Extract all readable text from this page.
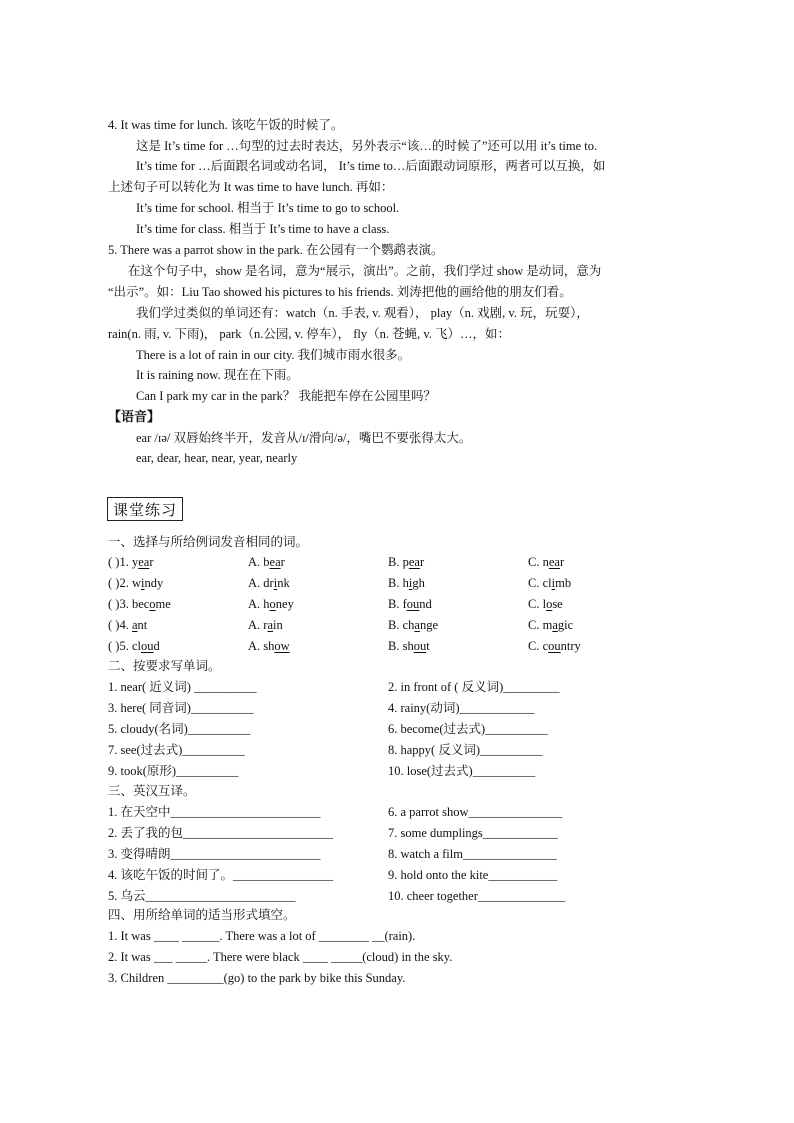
4. It was time for lunch. 该吃午饭的时候了。
这是 It’s time for …句型的过去时表达，另外表示“该…的时候了”还可以用 it’s time to.
It’s time for …后面跟名词或动名词， It’s time to…后面跟动词原形，两者可以互换，如
上述句子可以转化为 It was time to have lunch. 再如：
It’s time for school. 相当于 It’s time to go to school.
It’s time for class. 相当于 It’s time to have a class.
5. There was a parrot show in the park. 在公园有一个鹦鹉表演。
在这个句子中，show 是名词，意为“展示，演出”。之前，我们学过 show 是动词，意为
“出示”。如：Liu Tao showed his pictures to his friends. 刘涛把他的画给他的朋友们看。
我们学过类似的单词还有：watch（n. 手表, v. 观看）， play（n. 戏剧, v. 玩，玩耍），
rain(n. 雨, v. 下雨)， park（n.公园, v. 停车）， fly（n. 苍蝇, v. 飞）…，如：
There is a lot of rain in our city. 我们城市雨水很多。
It is raining now. 现在在下雨。
Can I park my car in the park？ 我能把车停在公园里吗？
【语音】
ear /ɪə/ 双唇始终半开，发音从/ɪ/滑向/ə/，嘴巴不要张得太大。
ear, dear, hear, near, year, nearly
课堂练习
一、选择与所给例词发音相同的词。
( )1. year	A. bear	B. pear	C. near
( )2. windy	A. drink	B. high	C. climb
( )3. become	A. honey	B. found	C. lose
( )4. ant	A. rain	B. change	C. magic
( )5. cloud	A. show	B. shout	C. country
二、按要求写单词。
1. near( 近义词) __________	2. in front of ( 反义词)_________
3. here( 同音词)__________	4. rainy(动词)____________
5. cloudy(名词)__________	6. become(过去式)__________
7. see(过去式)__________	8. happy( 反义词)__________
9. took(原形)__________	10. lose(过去式)__________
三、英汉互译。
1. 在天空中________________________	6. a parrot show_______________
2. 丢了我的包________________________	7. some dumplings____________
3. 变得晴朗________________________	8. watch a film_______________
4. 该吃午饭的时间了。________________	9. hold onto the kite___________
5. 乌云________________________	10. cheer together______________
四、用所给单词的适当形式填空。
1. It was ____ ______. There was a lot of ________ __(rain).
2. It was ___ _____. There were black ____ _____(cloud) in the sky.
3. Children _________(go) to the park by bike this Sunday.
